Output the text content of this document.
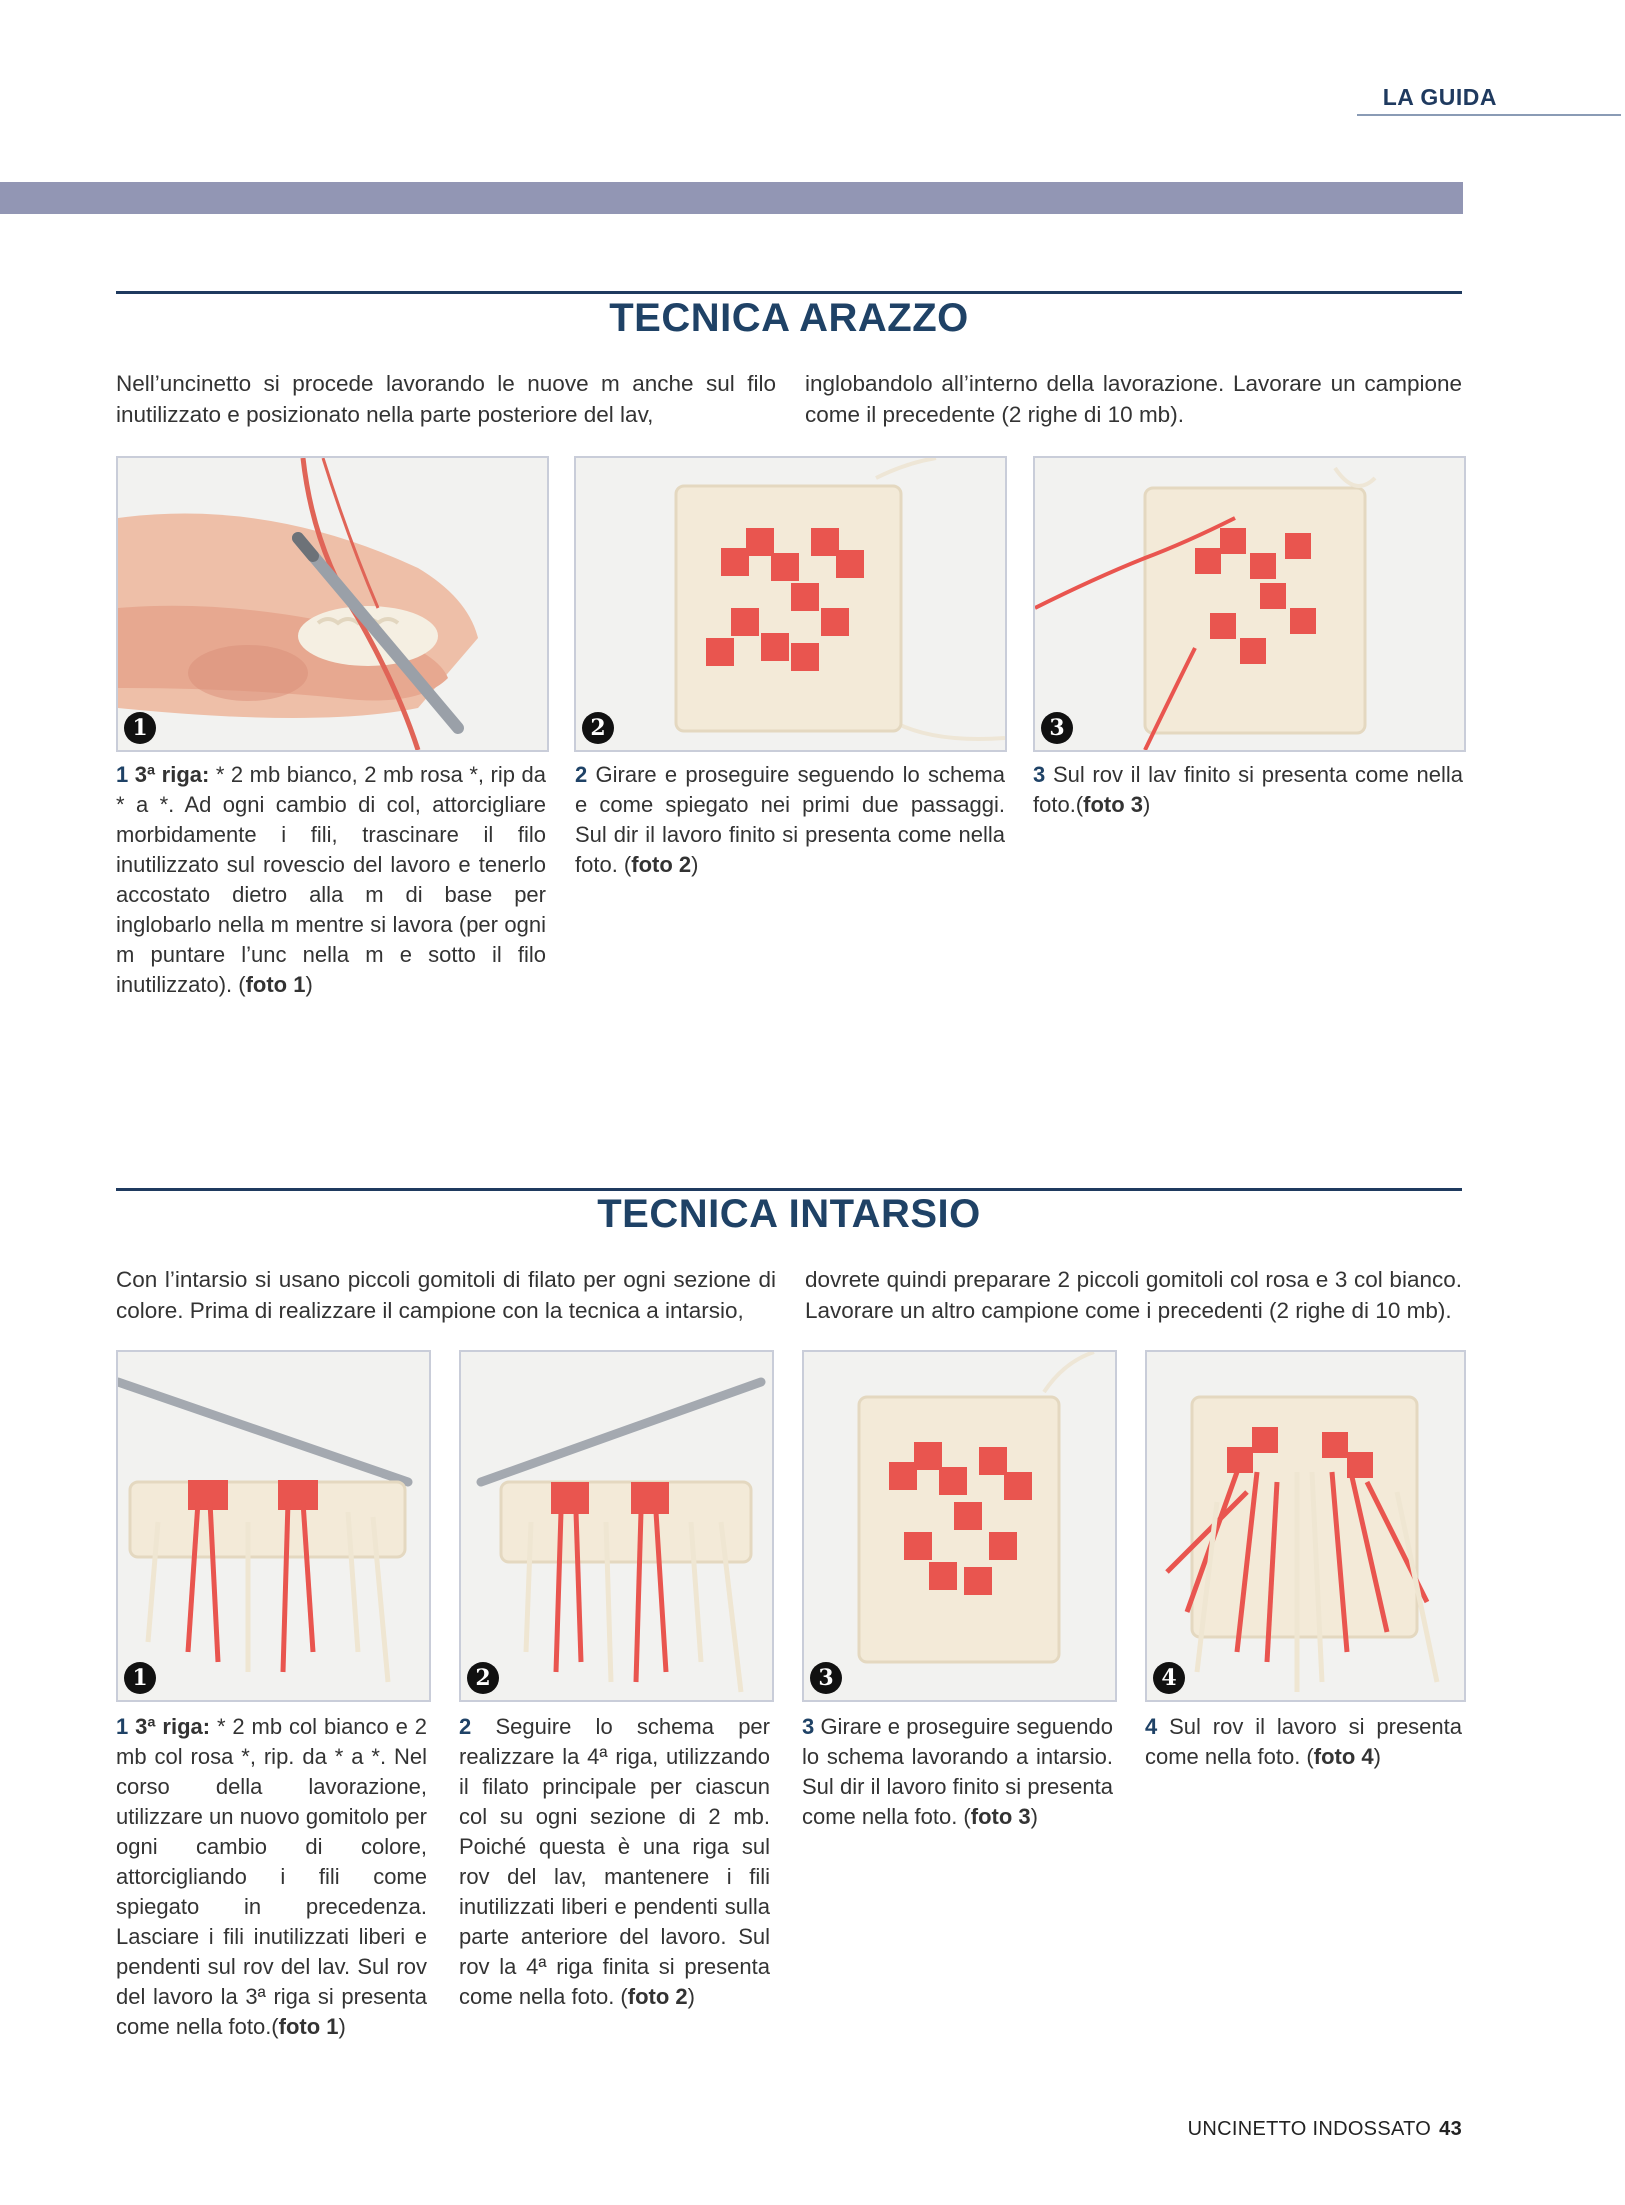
LA GUIDA
TECNICA ARAZZO
Nell’uncinetto si procede lavorando le nuove m anche sul filo inutilizzato e posizionato nella parte posteriore del lav,
inglobandolo all’interno della lavorazione. Lavorare un campione come il precedente (2 righe di 10 mb).
1	2	3
1 3ª riga: * 2 mb bianco, 2 mb rosa *, rip da * a *. Ad ogni cambio di col, attorcigliare morbidamente i fili, trascinare il filo inutilizzato sul rovescio del lavoro e tenerlo accostato dietro alla m di base per inglobarlo nella m mentre si lavora (per ogni m puntare l’unc nella m e sotto il filo inutilizzato). (foto 1)
2 Girare e proseguire seguendo lo schema e come spiegato nei primi due passaggi. Sul dir il lavoro finito si presenta come nella foto. (foto 2)
3 Sul rov il lav finito si presenta come nella foto.(foto 3)
TECNICA INTARSIO
Con l’intarsio si usano piccoli gomitoli di filato per ogni sezione di colore. Prima di realizzare il campione con la tecnica a intarsio,
dovrete quindi preparare 2 piccoli gomitoli col rosa e 3 col bianco. Lavorare un altro campione come i precedenti (2 righe di 10 mb).
1	2	3	4
1 3ª riga: * 2 mb col bianco e 2 mb col rosa *, rip. da * a *. Nel corso della lavorazione, utilizzare un nuovo gomitolo per ogni cambio di colore, attorcigliando i fili come spiegato in precedenza. Lasciare i fili inutilizzati liberi e pendenti sul rov del lav. Sul rov del lavoro la 3ª riga si presenta come nella foto.(foto 1)
2 Seguire lo schema per realizzare la 4ª riga, utilizzando il filato principale per ciascun col su ogni sezione di 2 mb. Poiché questa è una riga sul rov del lav, mantenere i fili inutilizzati liberi e pendenti sulla parte anteriore del lavoro. Sul rov la 4ª riga finita si presenta come nella foto. (foto 2)
3 Girare e proseguire seguendo lo schema lavorando a intarsio. Sul dir il lavoro finito si presenta come nella foto. (foto 3)
4 Sul rov il lavoro si presenta come nella foto. (foto 4)
UNCINETTO INDOSSATO 43
